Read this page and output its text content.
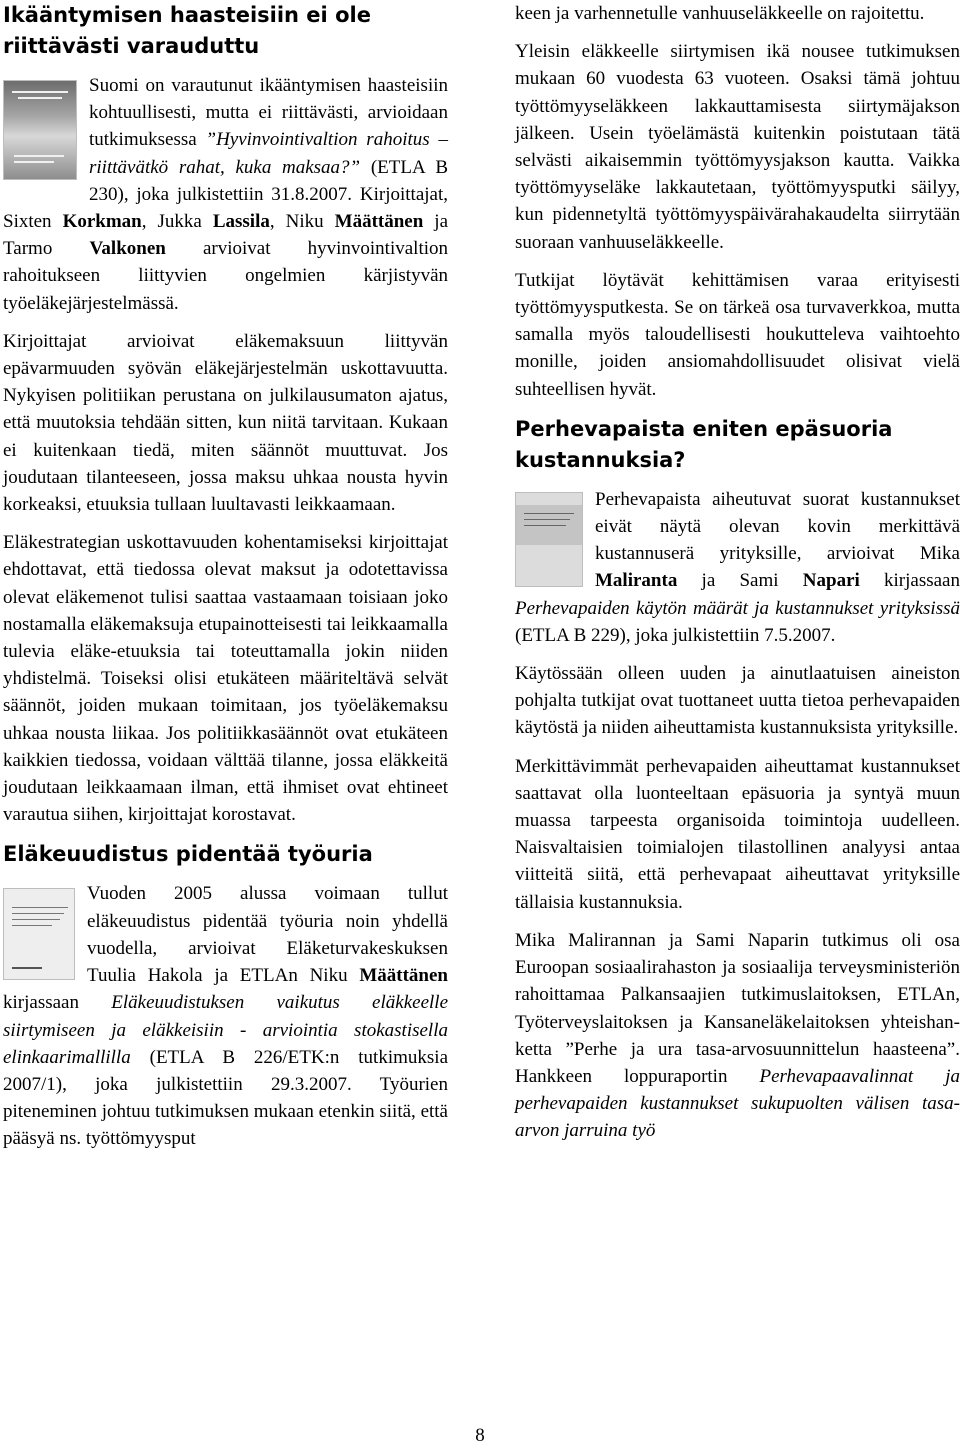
Ikääntymisen haasteisiin ei ole riittävästi varauduttu

Suomi on varautunut ikääntymisen haasteisiin kohtuullisesti, mutta ei riittävästi, arvioidaan tutkimuksessa ”Hyvinvointivaltion rahoitus – riittävätkö rahat, kuka maksaa?” (ETLA B 230), joka julkistettiin 31.8.2007. Kirjoittajat, Sixten Korkman, Jukka Lassila, Niku Määttänen ja Tarmo Valkonen arvioivat hyvinvointivaltion rahoitukseen liittyvien ongelmien kärjistyvän työeläkejärjestelmässä.

Kirjoittajat arvioivat eläkemaksuun liittyvän epävarmuuden syövän eläkejärjestelmän uskottavuutta. Nykyisen politiikan perustana on julkilausumaton ajatus, että muutoksia tehdään sitten, kun niitä tarvitaan. Kukaan ei kuitenkaan tiedä, miten säännöt muuttuvat. Jos joudutaan tilanteeseen, jossa maksu uhkaa nousta hyvin korkeaksi, etuuksia tullaan luultavasti leikkaamaan.

Eläkestrategian uskottavuuden kohentamiseksi kirjoittajat ehdottavat, että tiedossa olevat maksut ja odotettavissa olevat eläkemenot tulisi saattaa vastaamaan toisiaan joko nostamalla eläkemaksuja etupainotteisesti tai leikkaamalla tulevia eläke-etuuksia tai toteuttamalla jokin niiden yhdistelmä. Toiseksi olisi etukäteen määriteltävä selvät säännöt, joiden mukaan toimitaan, jos työeläkemaksu uhkaa nousta liikaa. Jos politiikkasäännöt ovat etukäteen kaikkien tiedossa, voidaan välttää tilanne, jossa eläkkeitä joudutaan leikkaamaan ilman, että ihmiset ovat ehtineet varautua siihen, kirjoittajat korostavat.

Eläkeuudistus pidentää työuria

Vuoden 2005 alussa voimaan tullut eläkeuudistus pidentää työuria noin yhdellä vuodella, arvioivat Eläketurvakeskuksen Tuulia Hakola ja ETLAn Niku Määttänen kirjassaan Eläkeuudistuksen vaikutus eläkkeelle siirtymiseen ja eläkkeisiin - arviointia stokastisella elinkaarimallilla (ETLA B 226/ETK:n tutkimuksia 2007/1), joka julkistettiin 29.3.2007. Työurien piteneminen johtuu tutkimuksen mukaan etenkin siitä, että pääsyä ns. työttömyysput

keen ja varhennetulle vanhuuseläkkeelle on rajoitettu.

Yleisin eläkkeelle siirtymisen ikä nousee tutkimuksen mukaan 60 vuodesta 63 vuoteen. Osaksi tämä johtuu työttömyyseläkkeen lakkauttamisesta siirtymäjakson jälkeen. Usein työelämästä kuitenkin poistutaan tätä selvästi aikaisemmin työttömyysjakson kautta. Vaikka työttömyyseläke lakkautetaan, työttömyysputki säilyy, kun pidennetyltä työttömyyspäivärahakaudelta siirrytään suoraan vanhuuseläkkeelle.

Tutkijat löytävät kehittämisen varaa erityisesti työttömyysputkesta. Se on tärkeä osa turvaverkkoa, mutta samalla myös taloudellisesti houkutteleva vaihtoehto monille, joiden ansiomahdollisuudet olisivat vielä suhteellisen hyvät.

Perhevapaista eniten epäsuoria kustannuksia?

Perhevapaista aiheutuvat suorat kustannukset eivät näytä olevan kovin merkittävä kustannuserä yrityksille, arvioivat Mika Maliranta ja Sami Napari kirjassaan Perhevapaiden käytön määrät ja kustannukset yrityksissä (ETLA B 229), joka julkistettiin 7.5.2007.

Käytössään olleen uuden ja ainutlaatuisen aineiston pohjalta tutkijat ovat tuottaneet uutta tietoa perhevapaiden käytöstä ja niiden aiheuttamista kustannuksista yrityksille.

Merkittävimmät perhevapaiden aiheuttamat kustannukset saattavat olla luonteeltaan epäsuoria ja syntyä muun muassa tarpeesta organisoida toimintoja uudelleen. Naisvaltaisien toimialojen tilastollinen analyysi antaa viitteitä siitä, että perhevapaat aiheuttavat yrityksille tällaisia kustannuksia.

Mika Malirannan ja Sami Naparin tutkimus oli osa Euroopan sosiaalirahaston ja sosiaalija terveysministeriön rahoittamaa Palkansaajien tutkimuslaitoksen, ETLAn, Työterveyslaitoksen ja Kansaneläkelaitoksen yhteishanketta ”Perhe ja ura tasa-arvosuunnittelun haasteena”. Hankkeen loppuraportin Perhevapaavalinnat ja perhevapaiden kustannukset sukupuolten välisen tasa-arvon jarruina työ

8
